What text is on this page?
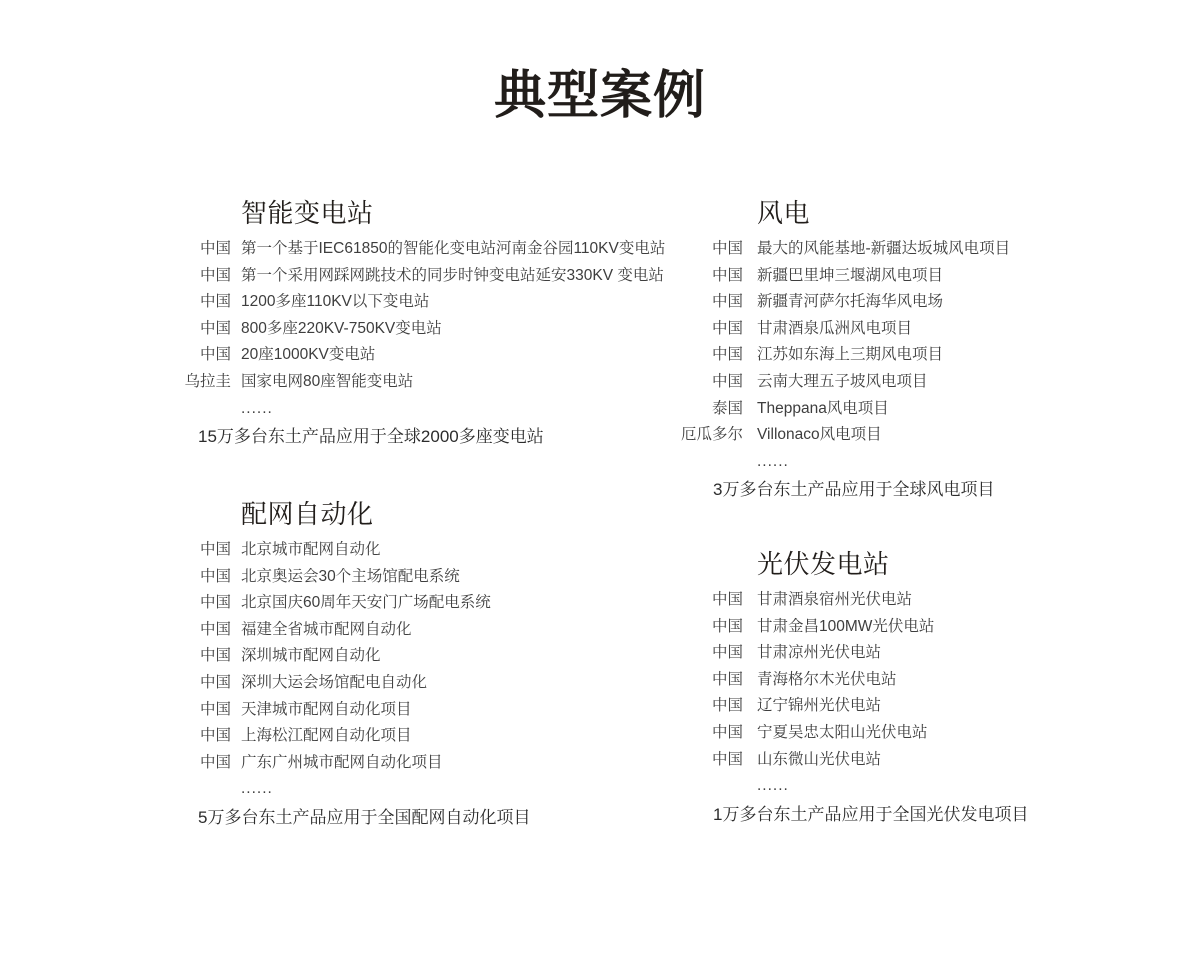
典型案例
智能变电站
中国 第一个基于IEC61850的智能化变电站河南金谷园110KV变电站
中国 第一个采用网踩网跳技术的同步时钟变电站延安330KV 变电站
中国 1200多座110KV以下变电站
中国 800多座220KV-750KV变电站
中国 20座1000KV变电站
乌拉圭 国家电网80座智能变电站
......
15万多台东土产品应用于全球2000多座变电站
配网自动化
中国 北京城市配网自动化
中国 北京奥运会30个主场馆配电系统
中国 北京国庆60周年天安门广场配电系统
中国 福建全省城市配网自动化
中国 深圳城市配网自动化
中国 深圳大运会场馆配电自动化
中国 天津城市配网自动化项目
中国 上海松江配网自动化项目
中国 广东广州城市配网自动化项目
......
5万多台东土产品应用于全国配网自动化项目
风电
中国 最大的风能基地-新疆达坂城风电项目
中国 新疆巴里坤三堰湖风电项目
中国 新疆青河萨尔托海华风电场
中国 甘肃酒泉瓜洲风电项目
中国 江苏如东海上三期风电项目
中国 云南大理五子坡风电项目
泰国 Theppana风电项目
厄瓜多尔 Villonaco风电项目
......
3万多台东土产品应用于全球风电项目
光伏发电站
中国 甘肃酒泉宿州光伏电站
中国 甘肃金昌100MW光伏电站
中国 甘肃凉州光伏电站
中国 青海格尔木光伏电站
中国 辽宁锦州光伏电站
中国 宁夏吴忠太阳山光伏电站
中国 山东微山光伏电站
......
1万多台东土产品应用于全国光伏发电项目
